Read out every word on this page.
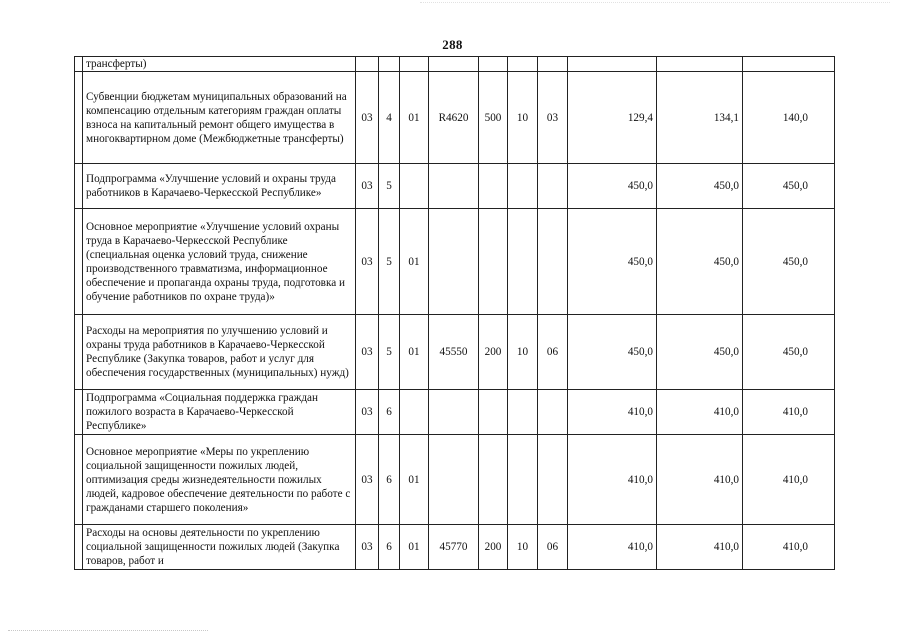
288
	трансферты)										
	Субвенции бюджетам муниципальных образований на компенсацию отдельным категориям граждан оплаты взноса на капитальный ремонт общего имущества в многоквартирном доме (Межбюджетные трансферты)	03	4	01	R4620	500	10	03	129,4	134,1	140,0
	Подпрограмма «Улучшение условий и охраны труда работников в Карачаево-Черкесской Республике»	03	5						450,0	450,0	450,0
	Основное мероприятие «Улучшение условий охраны труда в Карачаево-Черкесской Республике (специальная оценка условий труда, снижение производственного травматизма, информационное обеспечение и пропаганда охраны труда, подготовка и обучение работников по охране труда)»	03	5	01					450,0	450,0	450,0
	Расходы на мероприятия по улучшению условий и охраны труда работников в Карачаево-Черкесской Республике (Закупка товаров, работ и услуг для обеспечения государственных (муниципальных) нужд)	03	5	01	45550	200	10	06	450,0	450,0	450,0
	Подпрограмма «Социальная поддержка граждан пожилого возраста в Карачаево-Черкесской Республике»	03	6						410,0	410,0	410,0
	Основное мероприятие «Меры по укреплению социальной защищенности пожилых людей, оптимизация среды жизнедеятельности пожилых людей, кадровое обеспечение деятельности по работе с гражданами старшего поколения»	03	6	01					410,0	410,0	410,0
	Расходы на основы деятельности по укреплению социальной защищенности пожилых людей (Закупка товаров, работ и	03	6	01	45770	200	10	06	410,0	410,0	410,0
